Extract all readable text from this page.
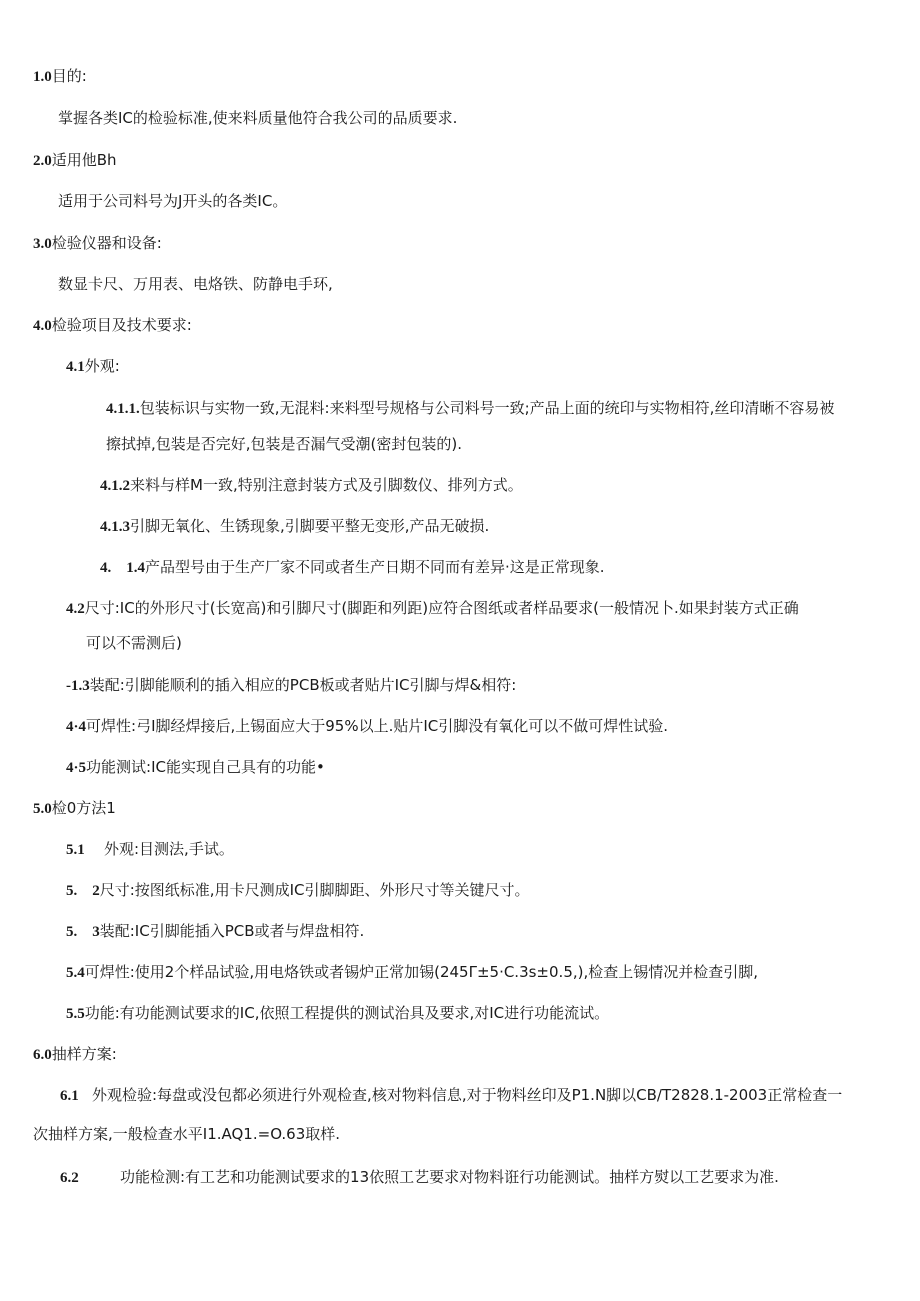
1.0目的:
掌握各类IC的检验标准,使来料质量他符合我公司的品质要求.
2.0适用他Bh
适用于公司料号为J开头的各类IC。
3.0检验仪器和设备:
数显卡尺、万用表、电烙铁、防静电手环,
4.0检验项目及技术要求:
4.1外观:
4.1.1.包装标识与实物一致,无混料:来料型号规格与公司料号一致;产品上面的统印与实物相符,丝印清晰不容易被
擦拭掉,包装是否完好,包装是否漏气受潮(密封包装的).
4.1.2来料与样M一致,特别注意封装方式及引脚数仪、排列方式。
4.1.3引脚无氧化、生锈现象,引脚要平整无变形,产品无破损.
4.    1.4产品型号由于生产厂家不同或者生产日期不同而有差异·这是正常现象.
4.2尺寸:IC的外形尺寸(长宽高)和引脚尺寸(脚距和列距)应符合图纸或者样品要求(一般情况卜.如果封装方式正确
可以不需测后)
-1.3装配:引脚能顺利的插入相应的PCB板或者贴片IC引脚与焊&相符:
4·4可焊性:弓I脚经焊接后,上锡面应大于95%以上.贴片IC引脚没有氧化可以不做可焊性试验.
4·5功能测试:IC能实现自己具有的功能•
5.0检0方法1
5.1 外观:目测法,手试。
5.    2尺寸:按图纸标准,用卡尺测成IC引脚脚距、外形尺寸等关键尺寸。
5.    3装配:IC引脚能插入PCB或者与焊盘相符.
5.4可焊性:使用2个样品试验,用电烙铁或者锡炉正常加锡(245Γ±5·C.3s±0.5,),检查上锡情况并检查引脚,
5.5功能:有功能测试要求的IC,依照工程提供的测试治具及要求,对IC进行功能流试。
6.0抽样方案:
6.1 外观检验:每盘或没包都必须进行外观检查,核对物料信息,对于物料丝印及P1.N脚以CB/T2828.1-2003正常检查一
次抽样方案,一般检查水平I1.AQ1.=O.63取样.
6.2	功能检测:有工艺和功能测试要求的13依照工艺要求对物料诳行功能测试。抽样方熨以工艺要求为准.
